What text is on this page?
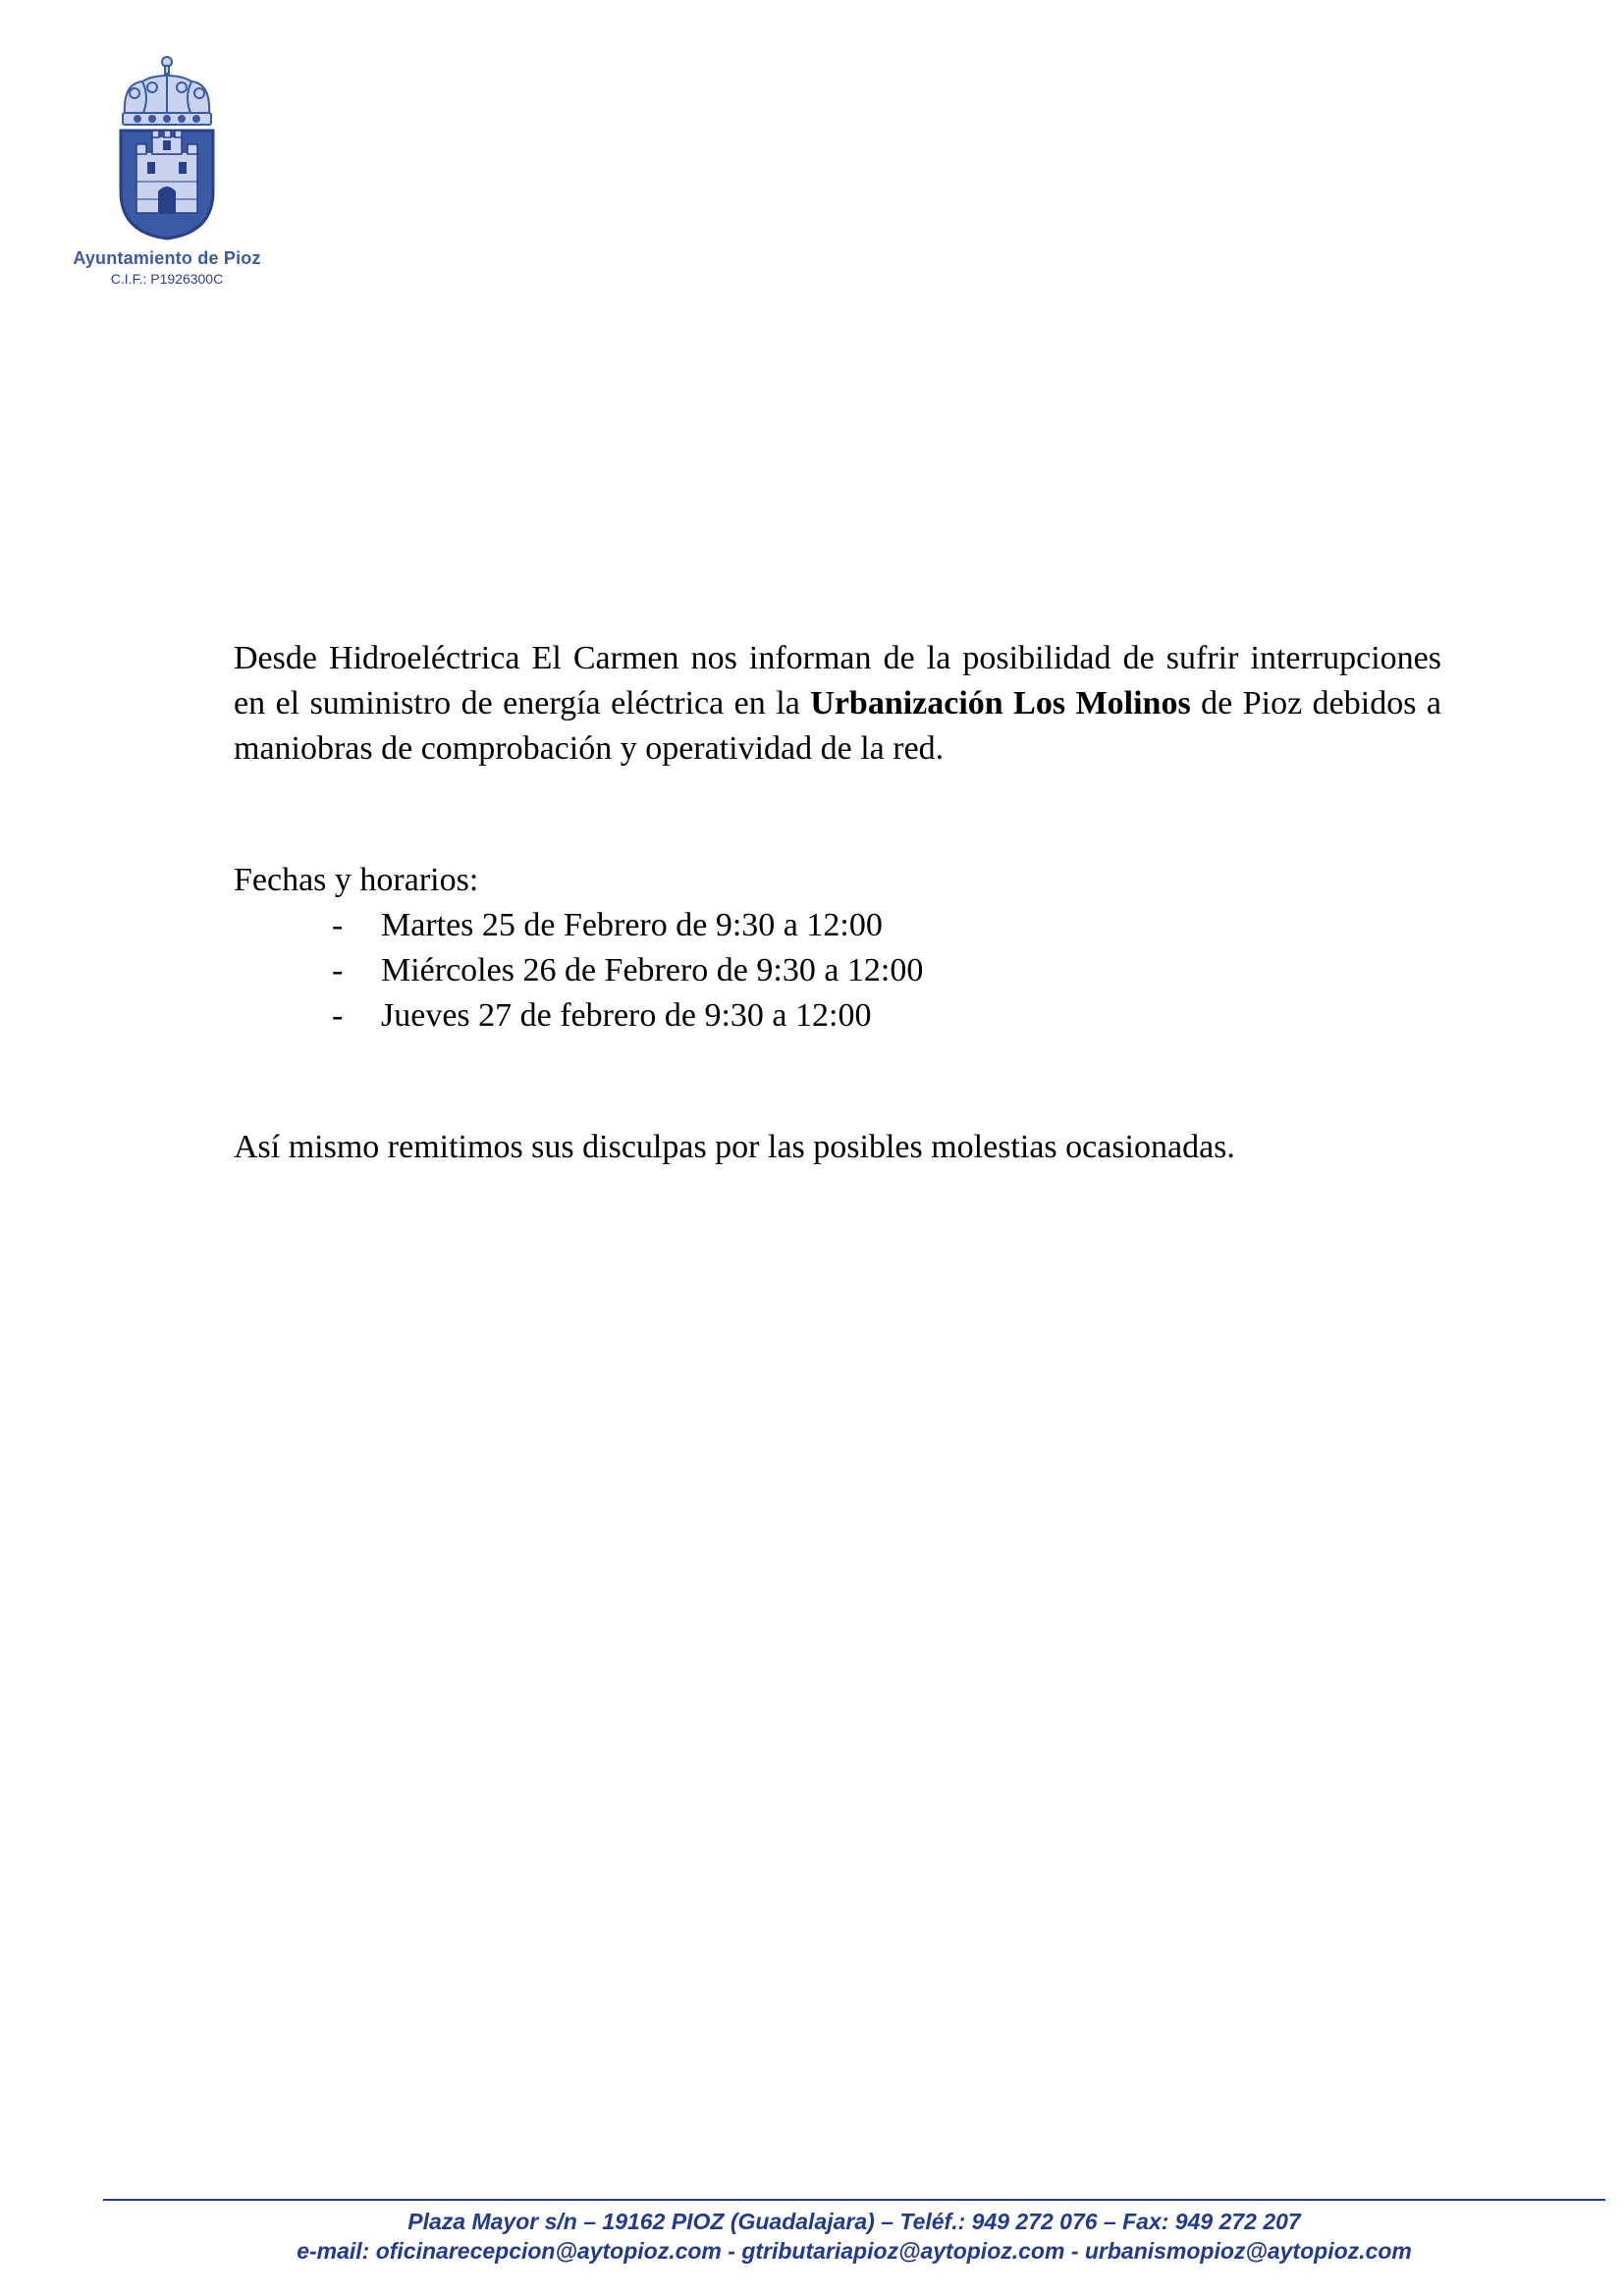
Ayuntamiento de Pioz
C.I.F.: P1926300C

Desde Hidroeléctrica El Carmen nos informan de la posibilidad de sufrir interrupciones en el suministro de energía eléctrica en la Urbanización Los Molinos de Pioz debidos a maniobras de comprobación y operatividad de la red.

Fechas y horarios:

- Martes 25 de Febrero de 9:30 a 12:00
- Miércoles 26 de Febrero de 9:30 a 12:00
- Jueves 27 de febrero de 9:30 a 12:00

Así mismo remitimos sus disculpas por las posibles molestias ocasionadas.

Plaza Mayor s/n – 19162 PIOZ (Guadalajara) – Teléf.: 949 272 076 – Fax: 949 272 207
e-mail: oficinarecepcion@aytopioz.com - gtributariapioz@aytopioz.com - urbanismopioz@aytopioz.com
